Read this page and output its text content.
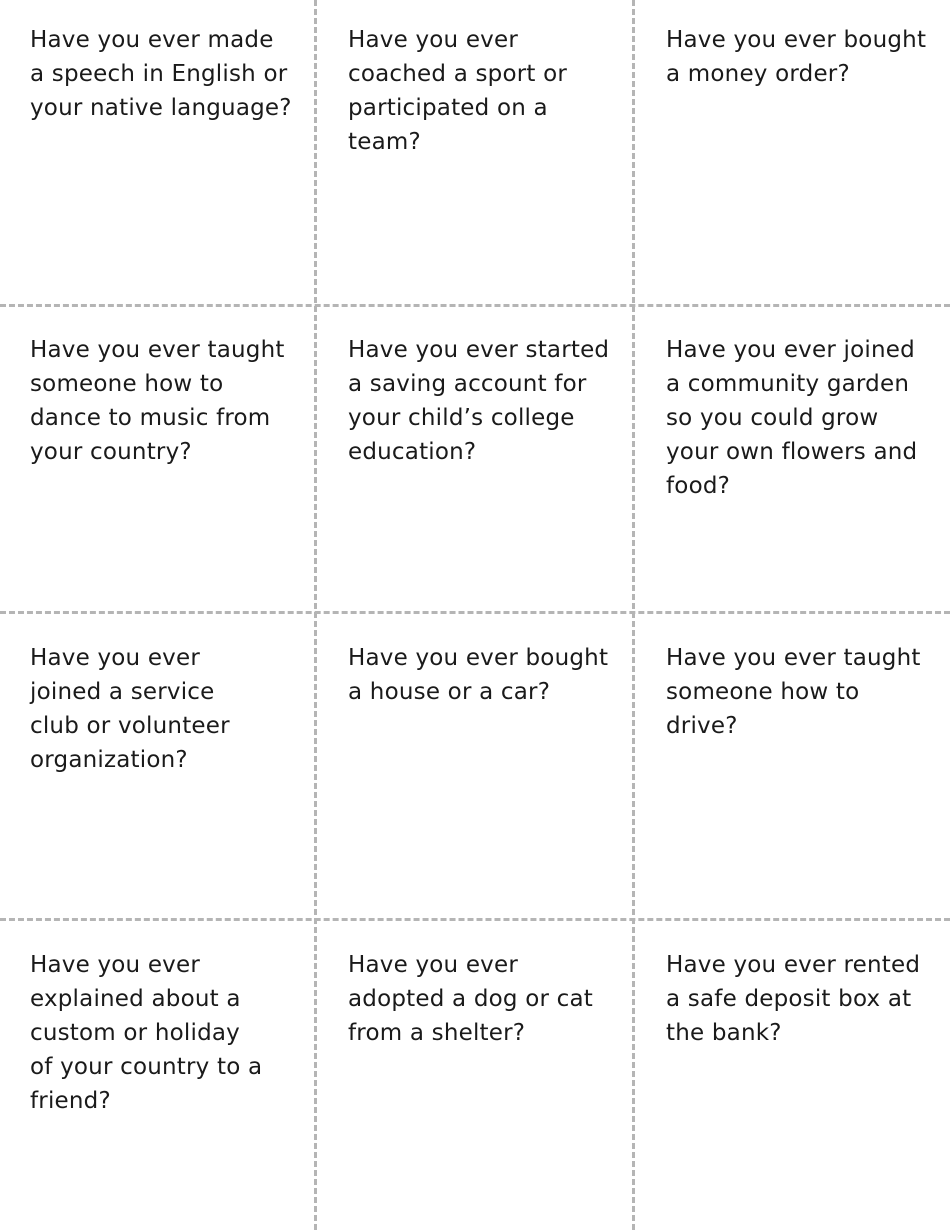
Have you ever made
a speech in English or
your native language?
Have you ever
coached a sport or
participated on a
team?
Have you ever bought
a money order?
Have you ever taught
someone how to
dance to music from
your country?
Have you ever started
a saving account for
your child’s college
education?
Have you ever joined
a community garden
so you could grow
your own flowers and
food?
Have you ever
joined a service
club or volunteer
organization?
Have you ever bought
a house or a car?
Have you ever taught
someone how to
drive?
Have you ever
explained about a
custom or holiday
of your country to a
friend?
Have you ever
adopted a dog or cat
from a shelter?
Have you ever rented
a safe deposit box at
the bank?
